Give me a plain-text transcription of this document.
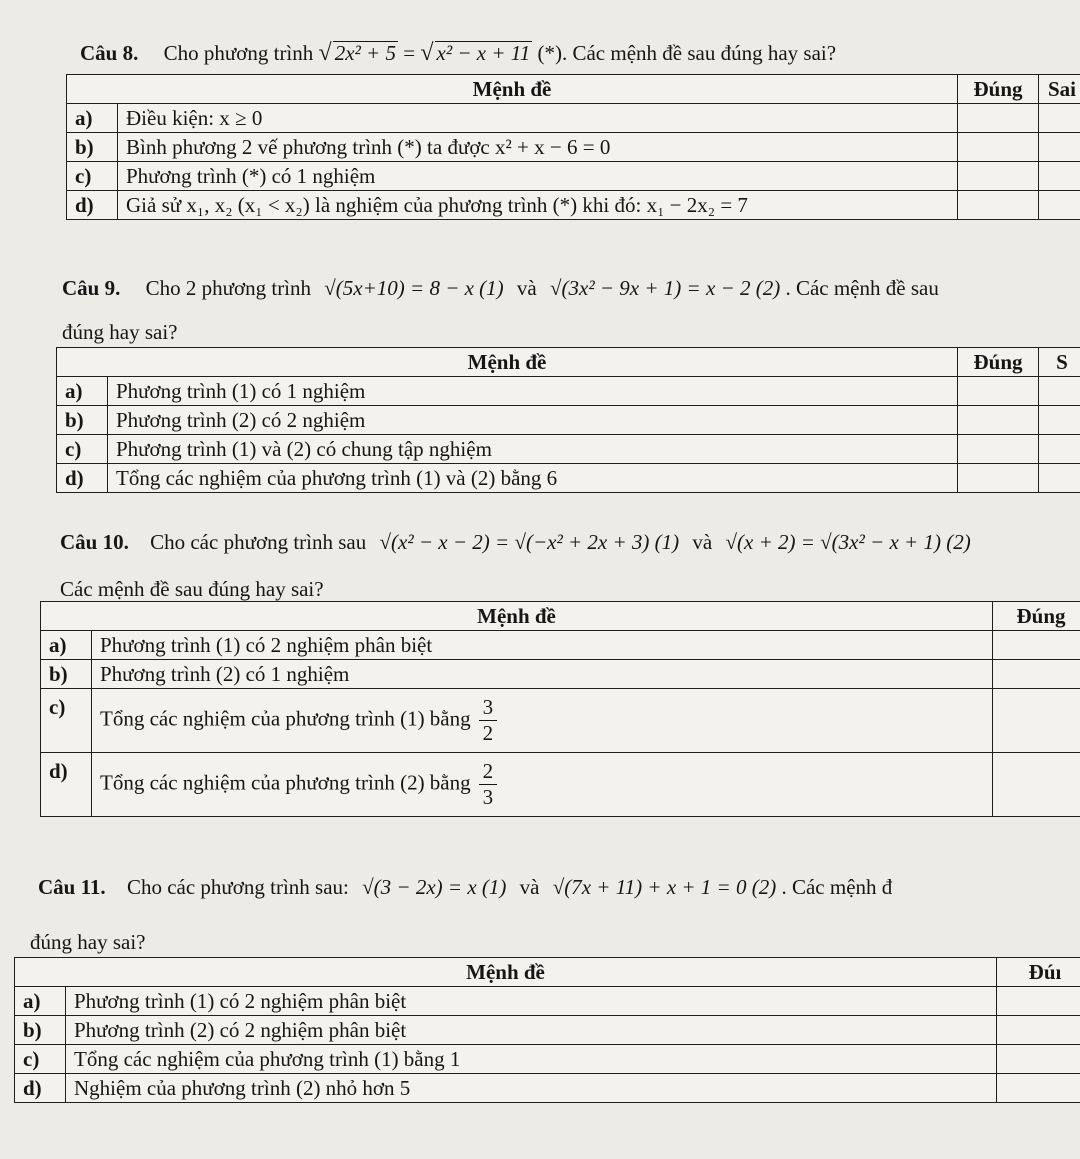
Câu 8. Cho phương trình √ 2x² + 5 = √ x² − x + 11 (*). Các mệnh đề sau đúng hay sai?
Mệnh đề		Đúng	Sai
a)	Điều kiện: x ≥ 0		
b)	Bình phương 2 vế phương trình (*) ta được x² + x − 6 = 0		
c)	Phương trình (*) có 1 nghiệm		
d)	Giả sử x₁, x₂ (x₁ < x₂) là nghiệm của phương trình (*) khi đó: x₁ − 2x₂ = 7		
Câu 9. Cho 2 phương trình √(5x+10) = 8 − x (1) và √(3x² − 9x + 1) = x − 2 (2) . Các mệnh đề sau
đúng hay sai?
Mệnh đề		Đúng	S
a)	Phương trình (1) có 1 nghiệm		
b)	Phương trình (2) có 2 nghiệm		
c)	Phương trình (1) và (2) có chung tập nghiệm		
d)	Tổng các nghiệm của phương trình (1) và (2) bằng 6		
Câu 10. Cho các phương trình sau √(x² − x − 2) = √(−x² + 2x + 3) (1) và √(x + 2) = √(3x² − x + 1) (2)
Các mệnh đề sau đúng hay sai?
Mệnh đề		Đúng
a)	Phương trình (1) có 2 nghiệm phân biệt	
b)	Phương trình (2) có 1 nghiệm	
c)	Tổng các nghiệm của phương trình (1) bằng $\frac{3}{2}$

d)	Tổng các nghiệm của phương trình (2) bằng $\frac{2}{3}$

Câu 11. Cho các phương trình sau: √(3 − 2x) = x (1) và √(7x + 11) + x + 1 = 0 (2) . Các mệnh đ
đúng hay sai?
Mệnh đề		Đúı
a)	Phương trình (1) có 2 nghiệm phân biệt	
b)	Phương trình (2) có 2 nghiệm phân biệt	
c)	Tổng các nghiệm của phương trình (1) bằng 1	
d)	Nghiệm của phương trình (2) nhỏ hơn 5	
